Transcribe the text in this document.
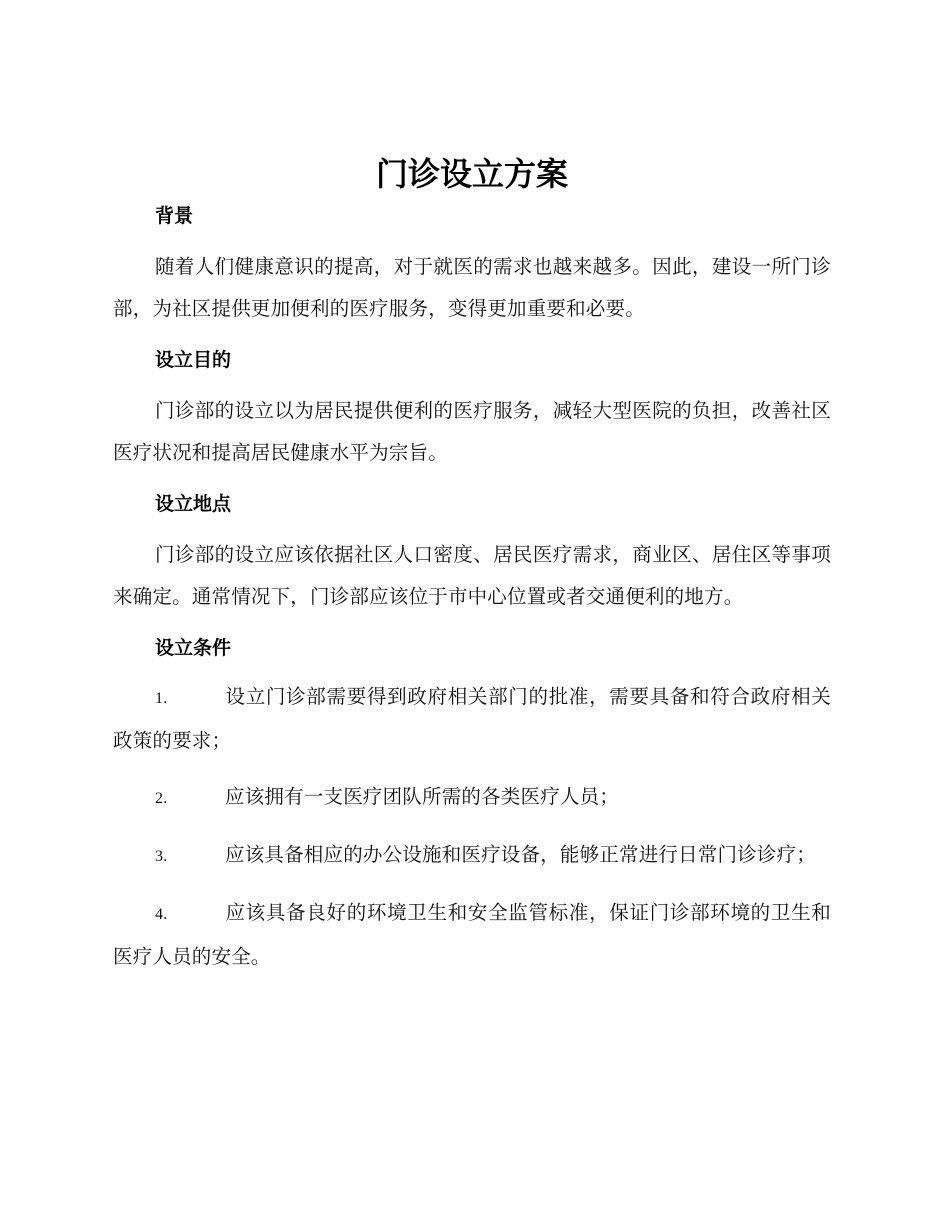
门诊设立方案
背景

随着人们健康意识的提高，对于就医的需求也越来越多。因此，建设一所门诊部，为社区提供更加便利的医疗服务，变得更加重要和必要。

设立目的

门诊部的设立以为居民提供便利的医疗服务，减轻大型医院的负担，改善社区医疗状况和提高居民健康水平为宗旨。

设立地点

门诊部的设立应该依据社区人口密度、居民医疗需求，商业区、居住区等事项来确定。通常情况下，门诊部应该位于市中心位置或者交通便利的地方。

设立条件
1.	设立门诊部需要得到政府相关部门的批准，需要具备和符合政府相关政策的要求；
2.	应该拥有一支医疗团队所需的各类医疗人员；
3.	应该具备相应的办公设施和医疗设备，能够正常进行日常门诊诊疗；
4.	应该具备良好的环境卫生和安全监管标准，保证门诊部环境的卫生和医疗人员的安全。
